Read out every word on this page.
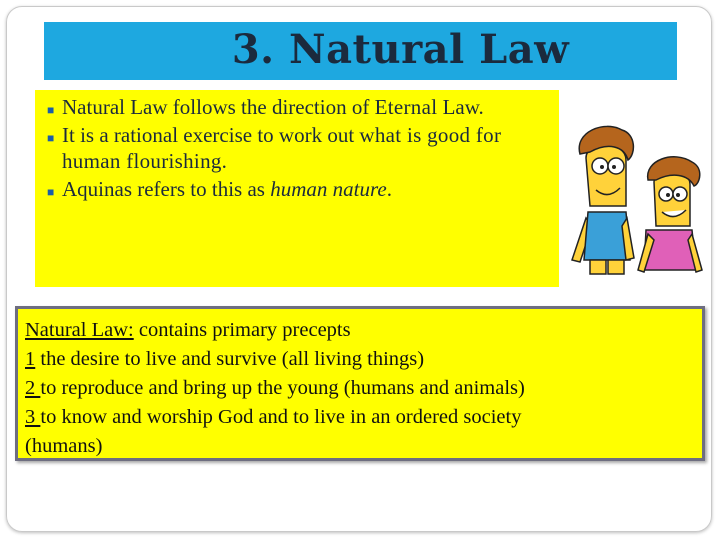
3. Natural Law
■ Natural Law follows the direction of Eternal Law.
■ It is a rational exercise to work out what is good for human flourishing.
■ Aquinas refers to this as human nature.
Natural Law: contains primary precepts
1 the desire to live and survive (all living things)
2 to reproduce and bring up the young (humans and animals)
3 to know and worship God and to live in an ordered society
(humans)
